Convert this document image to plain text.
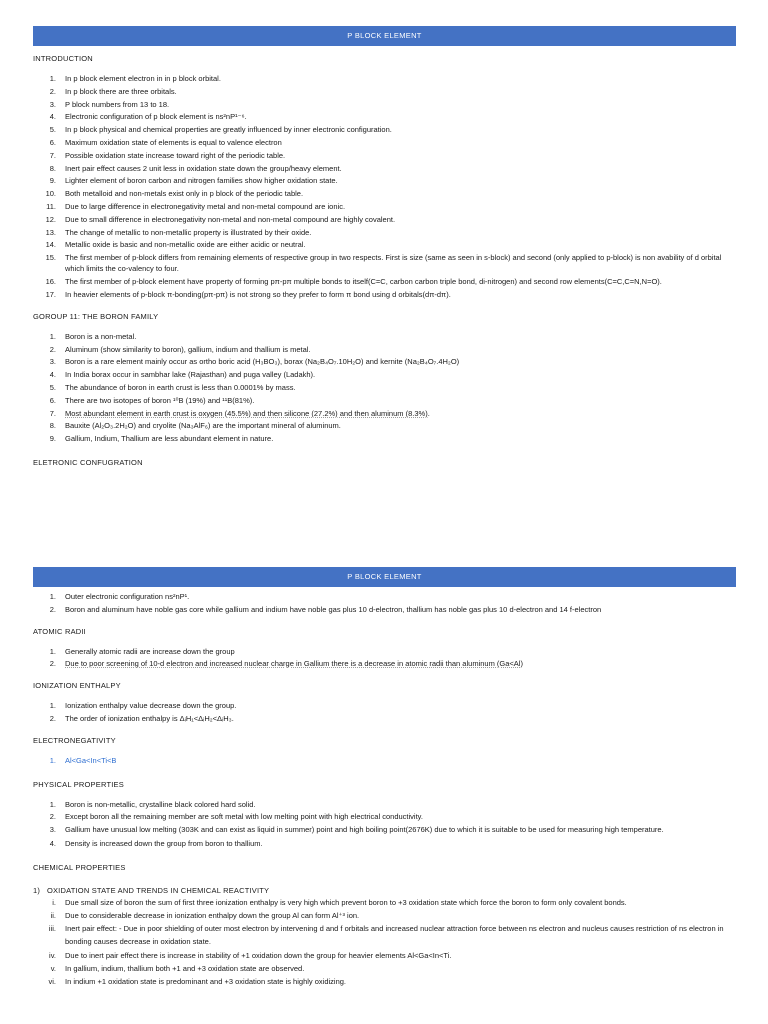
P BLOCK ELEMENT

INTRODUCTION

1. In p block element electron in in p block orbital.
2. In p block there are three orbitals.
3. P block numbers from 13 to 18.
4. Electronic configuration of p block element is ns²nP¹⁻⁶.
5. In p block physical and chemical properties are greatly influenced by inner electronic configuration.
6. Maximum oxidation state of elements is equal to valence electron
7. Possible oxidation state increase toward right of the periodic table.
8. Inert pair effect causes 2 unit less in oxidation state down the group/heavy element.
9. Lighter element of boron carbon and nitrogen families show higher oxidation state.
10. Both metalloid and non-metals exist only in p block of the periodic table.
11. Due to large difference in electronegativity metal and non-metal compound are ionic.
12. Due to small difference in electronegativity non-metal and non-metal compound are highly covalent.
13. The change of metallic to non-metallic property is illustrated by their oxide.
14. Metallic oxide is basic and non-metallic oxide are either acidic or neutral.
15. The first member of p-block differs from remaining elements of respective group in two respects. First is size (same as seen in s-block) and second (only applied to p-block) is non avability of d orbital which limits the co-valency to four.
16. The first member of p-block element have property of forming pπ-pπ multiple bonds to itself(C=C, carbon carbon triple bond, di-nitrogen) and second row elements(C=C,C=N,N=O).
17. In heavier elements of p-block π-bonding(pπ-pπ) is not strong so they prefer to form π bond using d orbitals(dπ-dπ).

GOROUP 11: THE BORON FAMILY

1. Boron is a non-metal.
2. Aluminum (show similarity to boron), gallium, indium and thallium is metal.
3. Boron is a rare element mainly occur as ortho boric acid (H₃BO₃), borax (Na₂B₄O₇.10H₂O) and kernite (Na₂B₄O₇.4H₂O)
4. In India borax occur in sambhar lake (Rajasthan) and puga valley (Ladakh).
5. The abundance of boron in earth crust is less than 0.0001% by mass.
6. There are two isotopes of boron ¹⁰B (19%) and ¹¹B(81%).
7. Most abundant element in earth crust is oxygen (45.5%) and then silicone (27.2%) and then aluminum (8.3%).
8. Bauxite (Al₂O₃.2H₂O) and cryolite (Na₃AlF₆) are the important mineral of aluminum.
9. Gallium, Indium, Thallium are less abundant element in nature.

ELETRONIC CONFUGRATION

P BLOCK ELEMENT
1. Outer electronic configuration ns²nP¹.
2. Boron and aluminum have noble gas core while gallium and indium have noble gas plus 10 d-electron, thallium has noble gas plus 10 d-electron and 14 f-electron

ATOMIC RADII

1. Generally atomic radii are increase down the group
2. Due to poor screening of 10-d electron and increased nuclear charge in Gallium there is a decrease in atomic radii than aluminum (Ga<Al)

IONIZATION ENTHALPY

1. Ionization enthalpy value decrease down the group.
2. The order of ionization enthalpy is ΔᵢH₁<ΔᵢH₂<ΔᵢH₃.

ELECTRONEGATIVITY

1. Al<Ga<In<Ti<B

PHYSICAL PROPERTIES

1. Boron is non-metallic, crystalline black colored hard solid.
2. Except boron all the remaining member are soft metal with low melting point with high electrical conductivity.
3. Gallium have unusual low melting (303K and can exist as liquid in summer) point and high boiling point(2676K) due to which it is suitable to be used for measuring high temperature.
4. Density is increased down the group from boron to thallium.

CHEMICAL PROPERTIES

1) OXIDATION STATE AND TRENDS IN CHEMICAL REACTIVITY

i. Due small size of boron the sum of first three ionization enthalpy is very high which prevent boron to +3 oxidation state which force the boron to form only covalent bonds.
ii. Due to considerable decrease in ionization enthalpy down the group Al can form Al⁺³ ion.
iii. Inert pair effect: - Due in poor shielding of outer most electron by intervening d and f orbitals and increased nuclear attraction force between ns electron and nucleus causes restriction of ns electron in bonding causes decrease in oxidation state.
iv. Due to inert pair effect there is increase in stability of +1 oxidation down the group for heavier elements Al<Ga<In<Ti.
v. In gallium, indium, thallium both +1 and +3 oxidation state are observed.
vi. In indium +1 oxidation state is predominant and +3 oxidation state is highly oxidizing.
